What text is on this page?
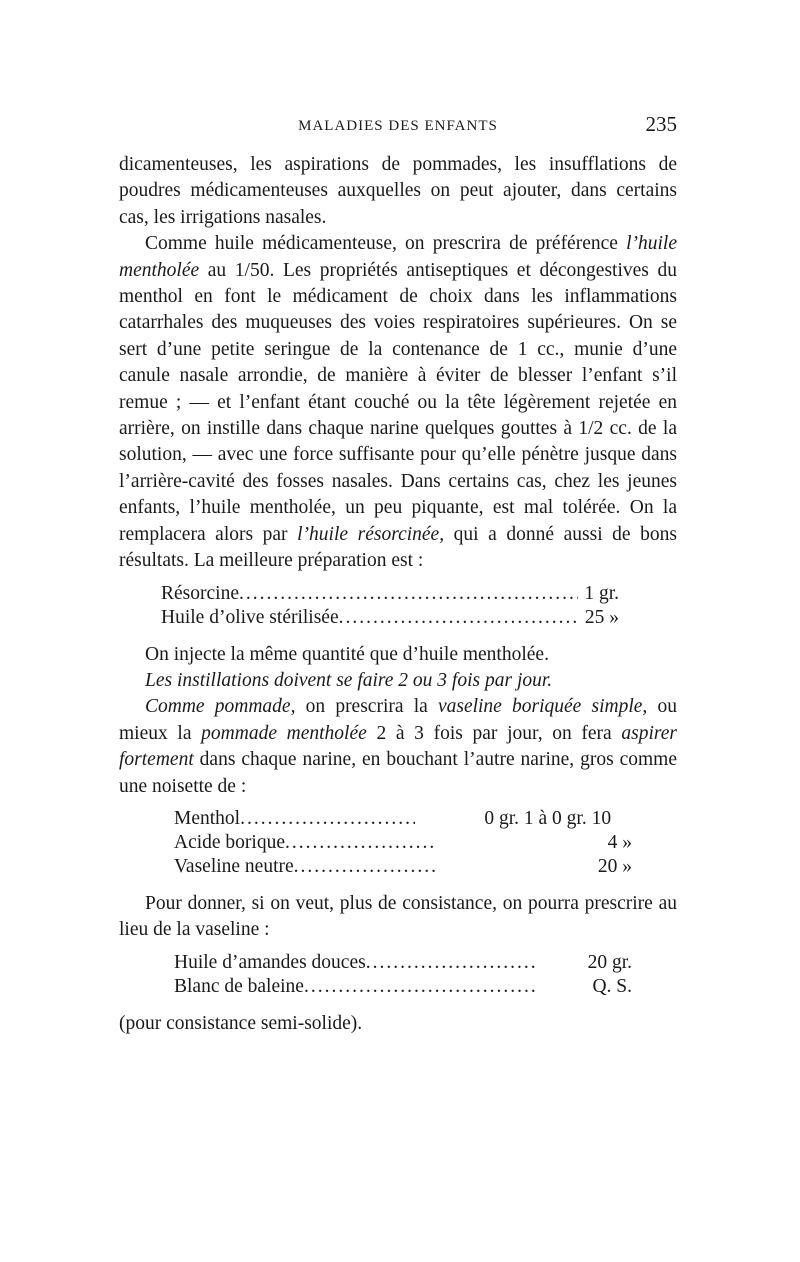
MALADIES DES ENFANTS	235

dicamenteuses, les aspirations de pommades, les insufflations de poudres médicamenteuses auxquelles on peut ajouter, dans certains cas, les irrigations nasales.

Comme huile médicamenteuse, on prescrira de préférence l’huile mentholée au 1/50. Les propriétés antiseptiques et décongestives du menthol en font le médicament de choix dans les inflammations catarrhales des muqueuses des voies respiratoires supérieures. On se sert d’une petite seringue de la contenance de 1 cc., munie d’une canule nasale arrondie, de manière à éviter de blesser l’enfant s’il remue ; — et l’enfant étant couché ou la tête légèrement rejetée en arrière, on instille dans chaque narine quelques gouttes à 1/2 cc. de la solution, — avec une force suffisante pour qu’elle pénètre jusque dans l’arrière-cavité des fosses nasales. Dans certains cas, chez les jeunes enfants, l’huile mentholée, un peu piquante, est mal tolérée. On la remplacera alors par l’huile résorcinée, qui a donné aussi de bons résultats. La meilleure préparation est :

Résorcine .....	1 gr.
Huile d’olive stérilisée .....	25 »

On injecte la même quantité que d’huile mentholée.

Les instillations doivent se faire 2 ou 3 fois par jour.

Comme pommade, on prescrira la vaseline boriquée simple, ou mieux la pommade mentholée 2 à 3 fois par jour, on fera aspirer fortement dans chaque narine, en bouchant l’autre narine, gros comme une noisette de :

Menthol .....	0 gr. 1 à 0 gr. 10
Acide borique .....	4 »
Vaseline neutre .....	20 »

Pour donner, si on veut, plus de consistance, on pourra prescrire au lieu de la vaseline :

Huile d’amandes douces .....	20 gr.
Blanc de baleine .....	Q. S.

(pour consistance semi-solide).
